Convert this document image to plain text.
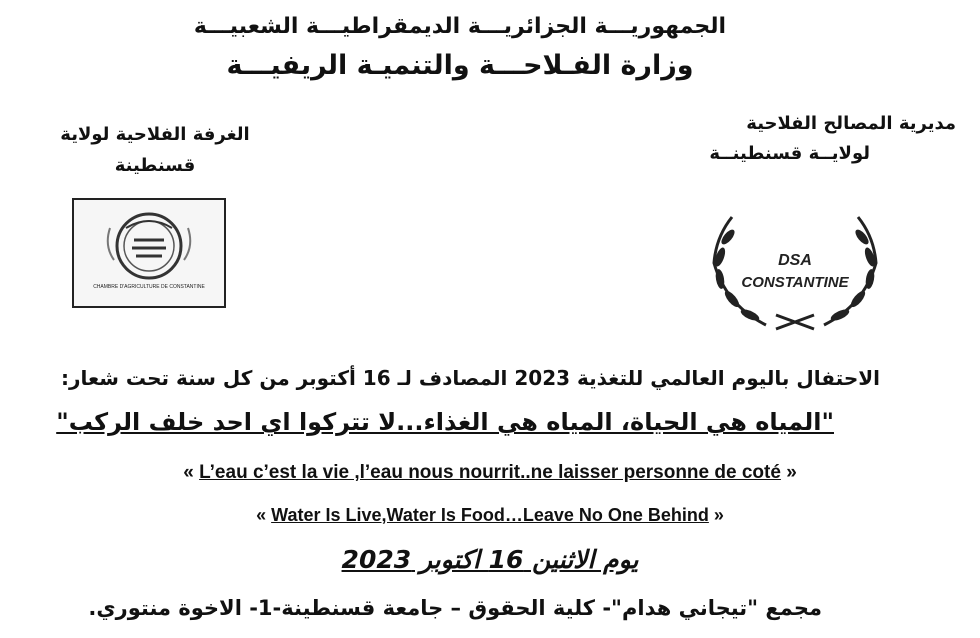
الجمهوريـــة الجزائريـــة الديمقراطيـــة الشعبيـــة
وزارة الفـلاحـــة والتنميـة الريفيـــة
مديرية المصالح الفلاحية
لولايــة قسنطينــة
الغرفة الفلاحية لولاية
قسنطينة
CHAMBRE D'AGRICULTURE DE CONSTANTINE
DSA
CONSTANTINE
الاحتفال باليوم العالمي للتغذية 2023 المصادف لـ 16 أكتوبر من كل سنة تحت شعار:
"المياه هي الحياة، المياه هي الغذاء...لا تتركوا اي احد خلف الركب"
« L’eau c’est la vie ,l’eau nous nourrit..ne laisser personne de coté »
« Water Is Live,Water Is Food…Leave No One Behind »
يوم الاثنين 16 اكتوبر 2023
مجمع "تيجاني هدام"- كلية الحقوق – جامعة قسنطينة-1- الاخوة منتوري.
